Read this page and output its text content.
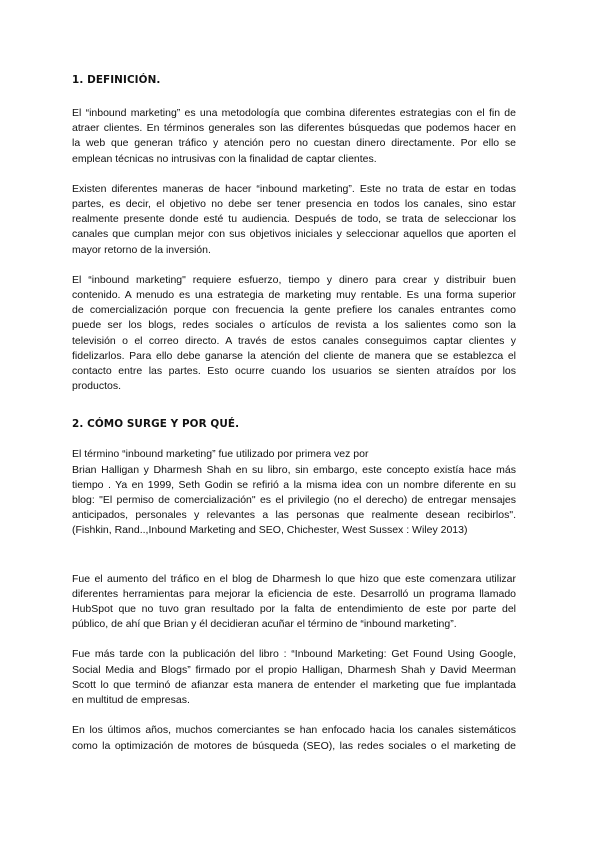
1. DEFINICIÓN.

El “inbound marketing” es una metodología que combina diferentes estrategias con el fin de
atraer clientes. En términos generales son las diferentes búsquedas que podemos hacer en
la web que generan tráfico y atención pero no cuestan dinero directamente. Por ello se
emplean técnicas no intrusivas con la finalidad de captar clientes.

Existen diferentes maneras de hacer “inbound marketing”. Este no trata de estar en todas
partes, es decir, el objetivo no debe ser tener presencia en todos los canales, sino estar
realmente presente donde esté tu audiencia. Después de todo, se trata de seleccionar los
canales que cumplan mejor con sus objetivos iniciales y seleccionar aquellos que aporten el
mayor retorno de la inversión.

El “inbound marketing" requiere esfuerzo, tiempo y dinero para crear y distribuir buen
contenido. A menudo es una estrategia de marketing muy rentable. Es una forma superior
de comercialización porque con frecuencia la gente prefiere los canales entrantes como
puede ser los blogs, redes sociales o artículos de revista a los salientes como son la
televisión o el correo directo. A través de estos canales conseguimos captar clientes y
fidelizarlos. Para ello debe ganarse la atención del cliente de manera que se establezca el
contacto entre las partes. Esto ocurre cuando los usuarios se sienten atraídos por los
productos.

2. CÓMO SURGE Y POR QUÉ.

El término “inbound marketing” fue utilizado por primera vez por
Brian Halligan y Dharmesh Shah en su libro, sin embargo, este concepto existía hace más
tiempo . Ya en 1999, Seth Godin se refirió a la misma idea con un nombre diferente en su
blog: "El permiso de comercialización" es el privilegio (no el derecho) de entregar mensajes
anticipados, personales y relevantes a las personas que realmente desean recibirlos".
(Fishkin, Rand..,Inbound Marketing and SEO, Chichester, West Sussex : Wiley 2013)

Fue el aumento del tráfico en el blog de Dharmesh lo que hizo que este comenzara utilizar
diferentes herramientas para mejorar la eficiencia de este. Desarrolló un programa llamado
HubSpot que no tuvo gran resultado por la falta de entendimiento de este por parte del
público, de ahí que Brian y él decidieran acuñar el término de “inbound marketing”.

Fue más tarde con la publicación del libro : “Inbound Marketing: Get Found Using Google,
Social Media and Blogs” firmado por el propio Halligan, Dharmesh Shah y David Meerman
Scott lo que terminó de afianzar esta manera de entender el marketing que fue implantada
en multitud de empresas.

En los últimos años, muchos comerciantes se han enfocado hacia los canales sistemáticos
como la optimización de motores de búsqueda (SEO), las redes sociales o el marketing de
